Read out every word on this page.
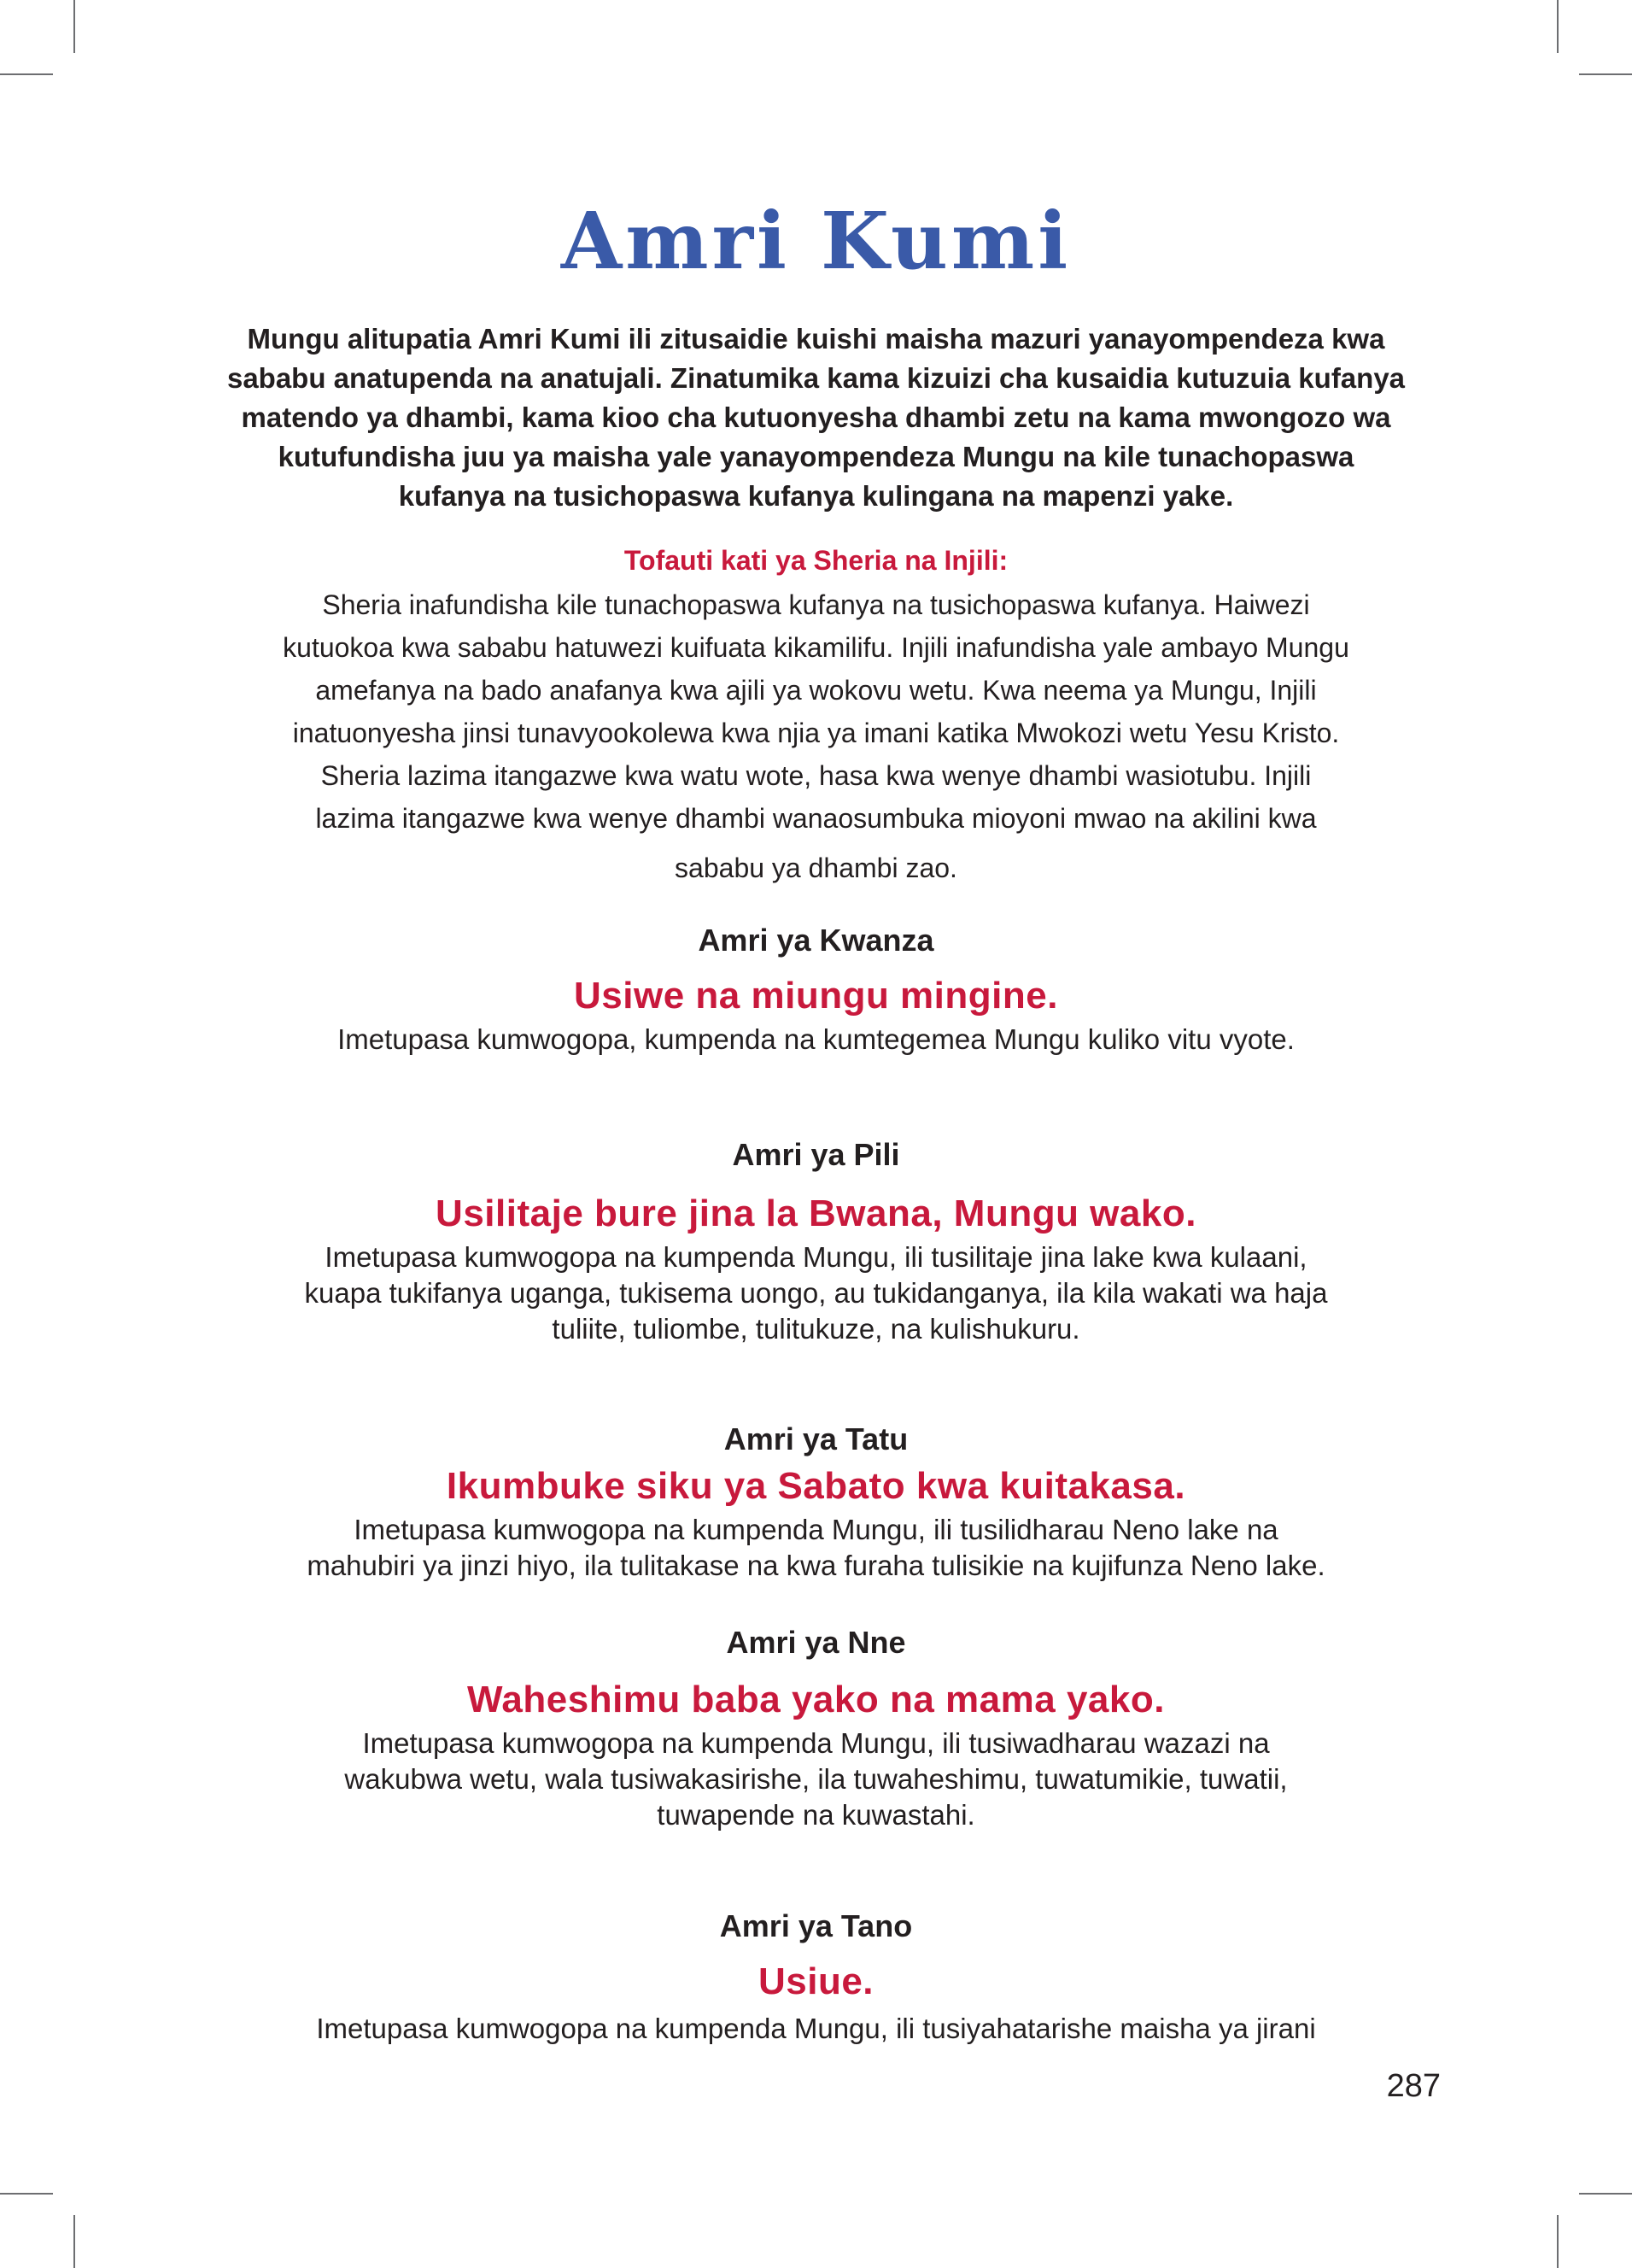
Amri Kumi

Mungu alitupatia Amri Kumi ili zitusaidie kuishi maisha mazuri yanayompendeza kwa sababu anatupenda na anatujali. Zinatumika kama kizuizi cha kusaidia kutuzuia kufanya matendo ya dhambi, kama kioo cha kutuonyesha dhambi zetu na kama mwongozo wa kutufundisha juu ya maisha yale yanayompendeza Mungu na kile tunachopaswa kufanya na tusichopaswa kufanya kulingana na mapenzi yake.

Tofauti kati ya Sheria na Injili:
Sheria inafundisha kile tunachopaswa kufanya na tusichopaswa kufanya. Haiwezi
kutuokoa kwa sababu hatuwezi kuifuata kikamilifu. Injili inafundisha yale ambayo Mungu
amefanya na bado anafanya kwa ajili ya wokovu wetu. Kwa neema ya Mungu, Injili
inatuonyesha jinsi tunavyookolewa kwa njia ya imani katika Mwokozi wetu Yesu Kristo.
Sheria lazima itangazwe kwa watu wote, hasa kwa wenye dhambi wasiotubu. Injili
lazima itangazwe kwa wenye dhambi wanaosumbuka mioyoni mwao na akilini kwa
sababu ya dhambi zao.
Amri ya Kwanza
Usiwe na miungu mingine.
Imetupasa kumwogopa, kumpenda na kumtegemea Mungu kuliko vitu vyote.
Amri ya Pili
Usilitaje bure jina la Bwana, Mungu wako.
Imetupasa kumwogopa na kumpenda Mungu, ili tusilitaje jina lake kwa kulaani,
kuapa tukifanya uganga, tukisema uongo, au tukidanganya, ila kila wakati wa haja
tuliite, tuliombe, tulitukuze, na kulishukuru.
Amri ya Tatu
Ikumbuke siku ya Sabato kwa kuitakasa.
Imetupasa kumwogopa na kumpenda Mungu, ili tusilidharau Neno lake na
mahubiri ya jinzi hiyo, ila tulitakase na kwa furaha tulisikie na kujifunza Neno lake.
Amri ya Nne
Waheshimu baba yako na mama yako.
Imetupasa kumwogopa na kumpenda Mungu, ili tusiwadharau wazazi na
wakubwa wetu, wala tusiwakasirishe, ila tuwaheshimu, tuwatumikie, tuwatii,
tuwapende na kuwastahi.
Amri ya Tano
Usiue.
Imetupasa kumwogopa na kumpenda Mungu, ili tusiyahatarishe maisha ya jirani
287
